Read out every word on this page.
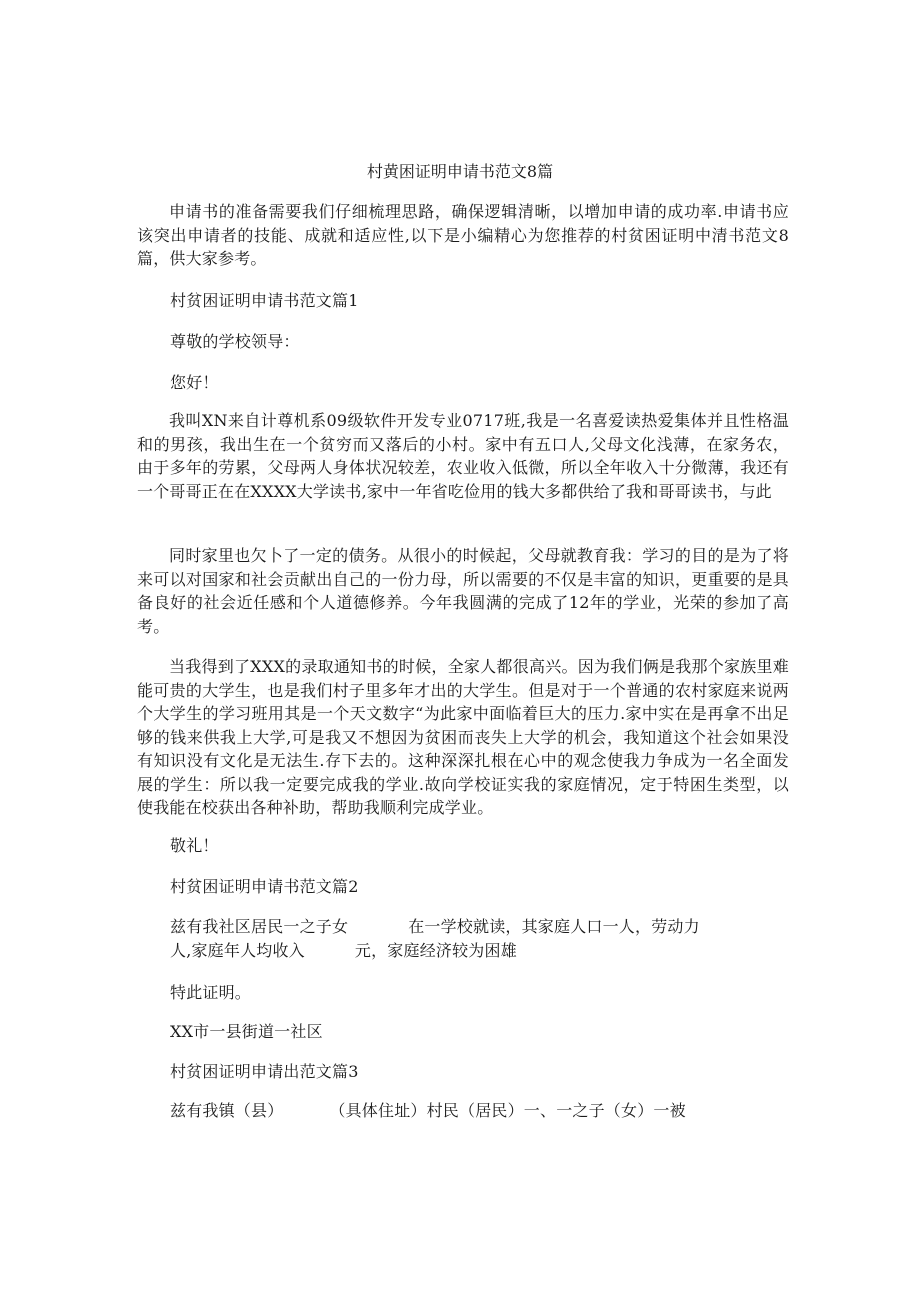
村黄困证明申请书范文8篇
申请书的准备需要我们仔细梳理思路，确保逻辑清晰，以增加申请的成功率.申请书应该突出申请者的技能、成就和适应性,以下是小编精心为您推荐的村贫困证明中清书范文8篇，供大家参考。
村贫困证明申请书范文篇1
尊敬的学校领导：
您好！
我叫XN来自计尊机系09级软件开发专业0717班,我是一名喜爱读热爱集体并且性格温和的男孩，我出生在一个贫穷而又落后的小村。家中有五口人,父母文化浅薄，在家务农，由于多年的劳累，父母两人身体状况较差，农业收入低微，所以全年收入十分微薄，我还有一个哥哥正在在XXXX大学读书,家中一年省吃俭用的钱大多都供给了我和哥哥读书，与此
同时家里也欠卜了一定的债务。从很小的时候起，父母就教育我：学习的目的是为了将来可以对国家和社会贡献出自己的一份力母，所以需要的不仅是丰富的知识，更重要的是具备良好的社会近任感和个人道德修养。今年我圆满的完成了12年的学业，光荣的参加了高考。
当我得到了XXX的录取通知书的时候，全家人都很高兴。因为我们俩是我那个家族里难能可贵的大学生，也是我们村子里多年才出的大学生。但是对于一个普通的农村家庭来说两个大学生的学习班用其是一个天文数字“为此家中面临着巨大的压力.家中实在是再拿不出足够的钱来供我上大学,可是我又不想因为贫困而丧失上大学的机会，我知道这个社会如果没有知识没有文化是无法生.存下去的。这种深深扎根在心中的观念使我力争成为一名全面发展的学生：所以我一定要完成我的学业.故向学校证实我的家庭情况，定于特困生类型，以使我能在校获出各种补助，帮助我顺利完成学业。
敬礼！
村贫困证明申请书范文篇2
兹有我社区居民一之子女	在一学校就读，其家庭人口一人，劳动力
人,家庭年人均收入	元，家庭经济较为困雄
特此证明。
XX市一县街道一社区
村贫困证明申请出范文篇3
兹有我镇（县）	（具体住址）村民（居民）一、一之子（女）一被
